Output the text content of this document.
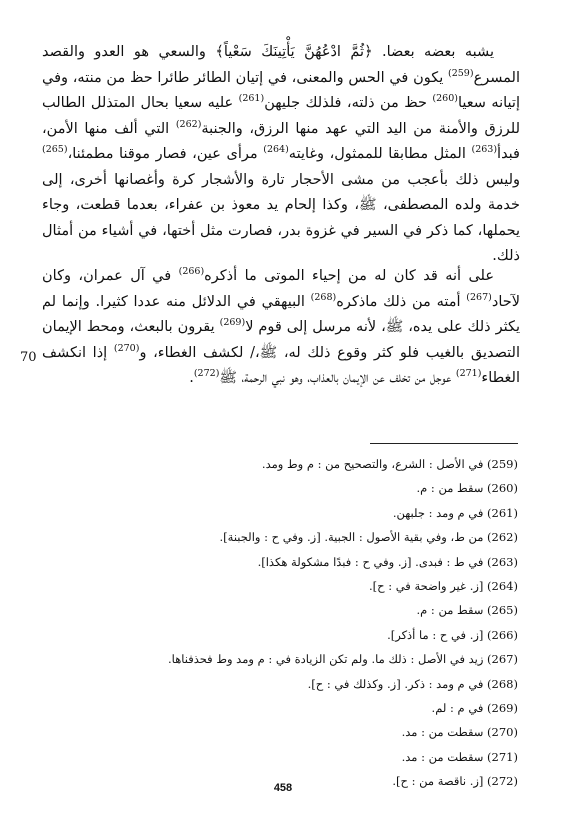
يشبه بعضه بعضا. ﴿ثُمَّ ادْعُهُنَّ يَأْتِينَكَ سَعْياً﴾ والسعي هو العدو والقصد المسرع$^{(259)}$ يكون في الحس والمعنى، في إتيان الطائر طائرا حظ من منته، وفي إتيانه سعيا$^{(260)}$ حظ من ذلته، فلذلك جليهن$^{(261)}$ عليه سعيا بحال المتذلل الطالب للرزق والأمنة من اليد التي عهد منها الرزق، والجنبة$^{(262)}$ التي ألف منها الأمن، فبدأ$^{(263)}$ المثل مطابقا للممثول، وغايته$^{(264)}$ مرأى عين، فصار موقنا مطمئنا،$^{(265)}$ وليس ذلك بأعجب من مشى الأحجار تارة والأشجار كرة وأغصانها أخرى، إلى خدمة ولده المصطفى، ﷺ، وكذا إلحام يد معوذ بن عفراء، بعدما قطعت، وجاء يحملها، كما ذكر في السير في غزوة بدر، فصارت مثل أختها، في أشياء من أمثال ذلك.

على أنه قد كان له من إحياء الموتى ما أذكره$^{(266)}$ في آل عمران، وكان لآحاد$^{(267)}$ أمته من ذلك ماذكره$^{(268)}$ البيهقي في الدلائل منه عددا كثيرا. وإنما لم يكثر ذلك على يده، ﷺ، لأنه مرسل إلى قوم لا$^{(269)}$ يقرون بالبعث، ومحط الإيمان التصديق بالغيب فلو كثر وقوع ذلك له، ﷺ،/ لكشف الغطاء، و$^{(270)}$ إذا انكشف الغطاء$^{(271)}$ عوجل من تخلف عن الإيمان بالعذاب، وهو نبي الرحمة، ﷺ$^{(272)}$.

70
(259) في الأصل : الشرع، والتصحيح من : م وط ومد.
(260) سقط من : م.
(261) في م ومد : جلبهن.
(262) من ط، وفي بقية الأصول : الجبية. [ز. وفي ح : والجبنة].
(263) في ط : فبدى. [ز. وفي ح : فبدًا مشكولة هكذا].
(264) [ز. غير واضحة في : ح].
(265) سقط من : م.
(266) [ز. في ح : ما أذكر].
(267) زيد في الأصل : ذلك ما. ولم تكن الزيادة في : م ومد وط فحذفناها.
(268) في م ومد : ذكر. [ز. وكذلك في : ح].
(269) في م : لم.
(270) سقطت من : مد.
(271) سقطت من : مد.
(272) [ز. ناقصة من : ح].
458
